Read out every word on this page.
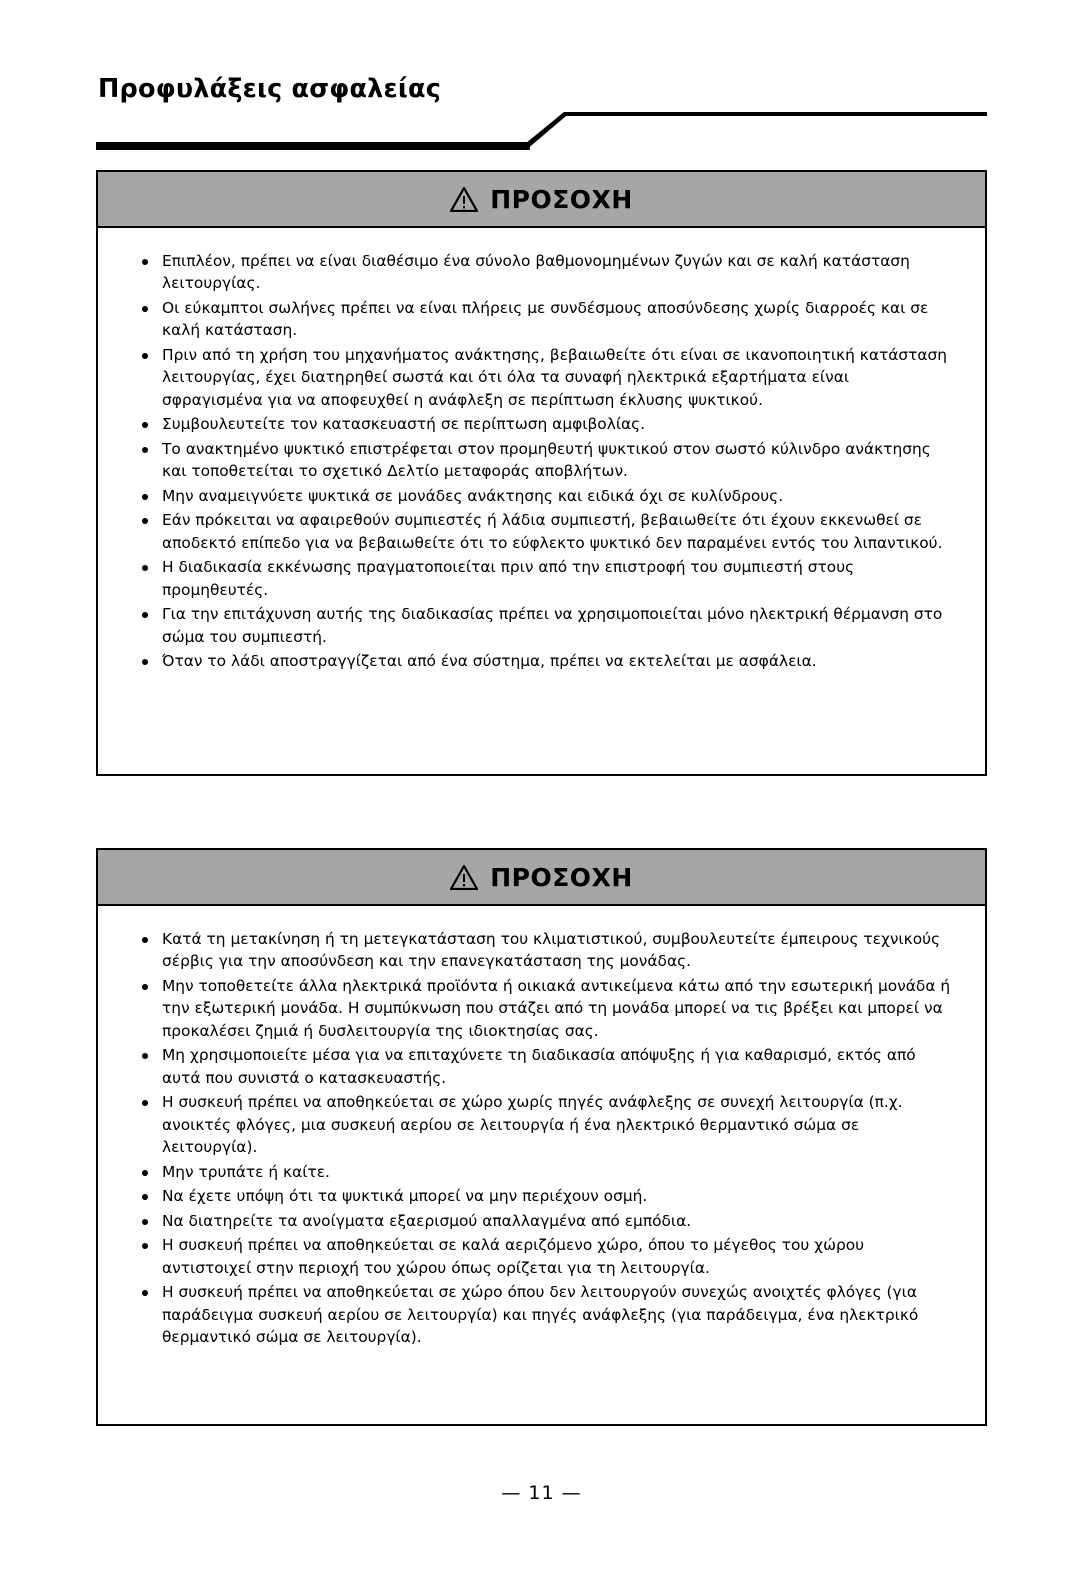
Προφυλάξεις ασφαλείας
ΠΡΟΣΟΧΗ
Επιπλέον, πρέπει να είναι διαθέσιμο ένα σύνολο βαθμονομημένων ζυγών και σε καλή κατάσταση λειτουργίας.
Οι εύκαμπτοι σωλήνες πρέπει να είναι πλήρεις με συνδέσμους αποσύνδεσης χωρίς διαρροές και σε καλή κατάσταση.
Πριν από τη χρήση του μηχανήματος ανάκτησης, βεβαιωθείτε ότι είναι σε ικανοποιητική κατάσταση λειτουργίας, έχει διατηρηθεί σωστά και ότι όλα τα συναφή ηλεκτρικά εξαρτήματα είναι σφραγισμένα για να αποφευχθεί η ανάφλεξη σε περίπτωση έκλυσης ψυκτικού.
Συμβουλευτείτε τον κατασκευαστή σε περίπτωση αμφιβολίας.
Το ανακτημένο ψυκτικό επιστρέφεται στον προμηθευτή ψυκτικού στον σωστό κύλινδρο ανάκτησης και τοποθετείται το σχετικό Δελτίο μεταφοράς αποβλήτων.
Μην αναμειγνύετε ψυκτικά σε μονάδες ανάκτησης και ειδικά όχι σε κυλίνδρους.
Εάν πρόκειται να αφαιρεθούν συμπιεστές ή λάδια συμπιεστή, βεβαιωθείτε ότι έχουν εκκενωθεί σε αποδεκτό επίπεδο για να βεβαιωθείτε ότι το εύφλεκτο ψυκτικό δεν παραμένει εντός του λιπαντικού.
Η διαδικασία εκκένωσης πραγματοποιείται πριν από την επιστροφή του συμπιεστή στους προμηθευτές.
Για την επιτάχυνση αυτής της διαδικασίας πρέπει να χρησιμοποιείται μόνο ηλεκτρική θέρμανση στο σώμα του συμπιεστή.
Όταν το λάδι αποστραγγίζεται από ένα σύστημα, πρέπει να εκτελείται με ασφάλεια.
ΠΡΟΣΟΧΗ
Κατά τη μετακίνηση ή τη μετεγκατάσταση του κλιματιστικού, συμβουλευτείτε έμπειρους τεχνικούς σέρβις για την αποσύνδεση και την επανεγκατάσταση της μονάδας.
Μην τοποθετείτε άλλα ηλεκτρικά προϊόντα ή οικιακά αντικείμενα κάτω από την εσωτερική μονάδα ή την εξωτερική μονάδα. Η συμπύκνωση που στάζει από τη μονάδα μπορεί να τις βρέξει και μπορεί να προκαλέσει ζημιά ή δυσλειτουργία της ιδιοκτησίας σας.
Μη χρησιμοποιείτε μέσα για να επιταχύνετε τη διαδικασία απόψυξης ή για καθαρισμό, εκτός από αυτά που συνιστά ο κατασκευαστής.
Η συσκευή πρέπει να αποθηκεύεται σε χώρο χωρίς πηγές ανάφλεξης σε συνεχή λειτουργία (π.χ. ανοικτές φλόγες, μια συσκευή αερίου σε λειτουργία ή ένα ηλεκτρικό θερμαντικό σώμα σε λειτουργία).
Μην τρυπάτε ή καίτε.
Να έχετε υπόψη ότι τα ψυκτικά μπορεί να μην περιέχουν οσμή.
Να διατηρείτε τα ανοίγματα εξαερισμού απαλλαγμένα από εμπόδια.
Η συσκευή πρέπει να αποθηκεύεται σε καλά αεριζόμενο χώρο, όπου το μέγεθος του χώρου αντιστοιχεί στην περιοχή του χώρου όπως ορίζεται για τη λειτουργία.
Η συσκευή πρέπει να αποθηκεύεται σε χώρο όπου δεν λειτουργούν συνεχώς ανοιχτές φλόγες (για παράδειγμα συσκευή αερίου σε λειτουργία) και πηγές ανάφλεξης (για παράδειγμα, ένα ηλεκτρικό θερμαντικό σώμα σε λειτουργία).
— 11 —
